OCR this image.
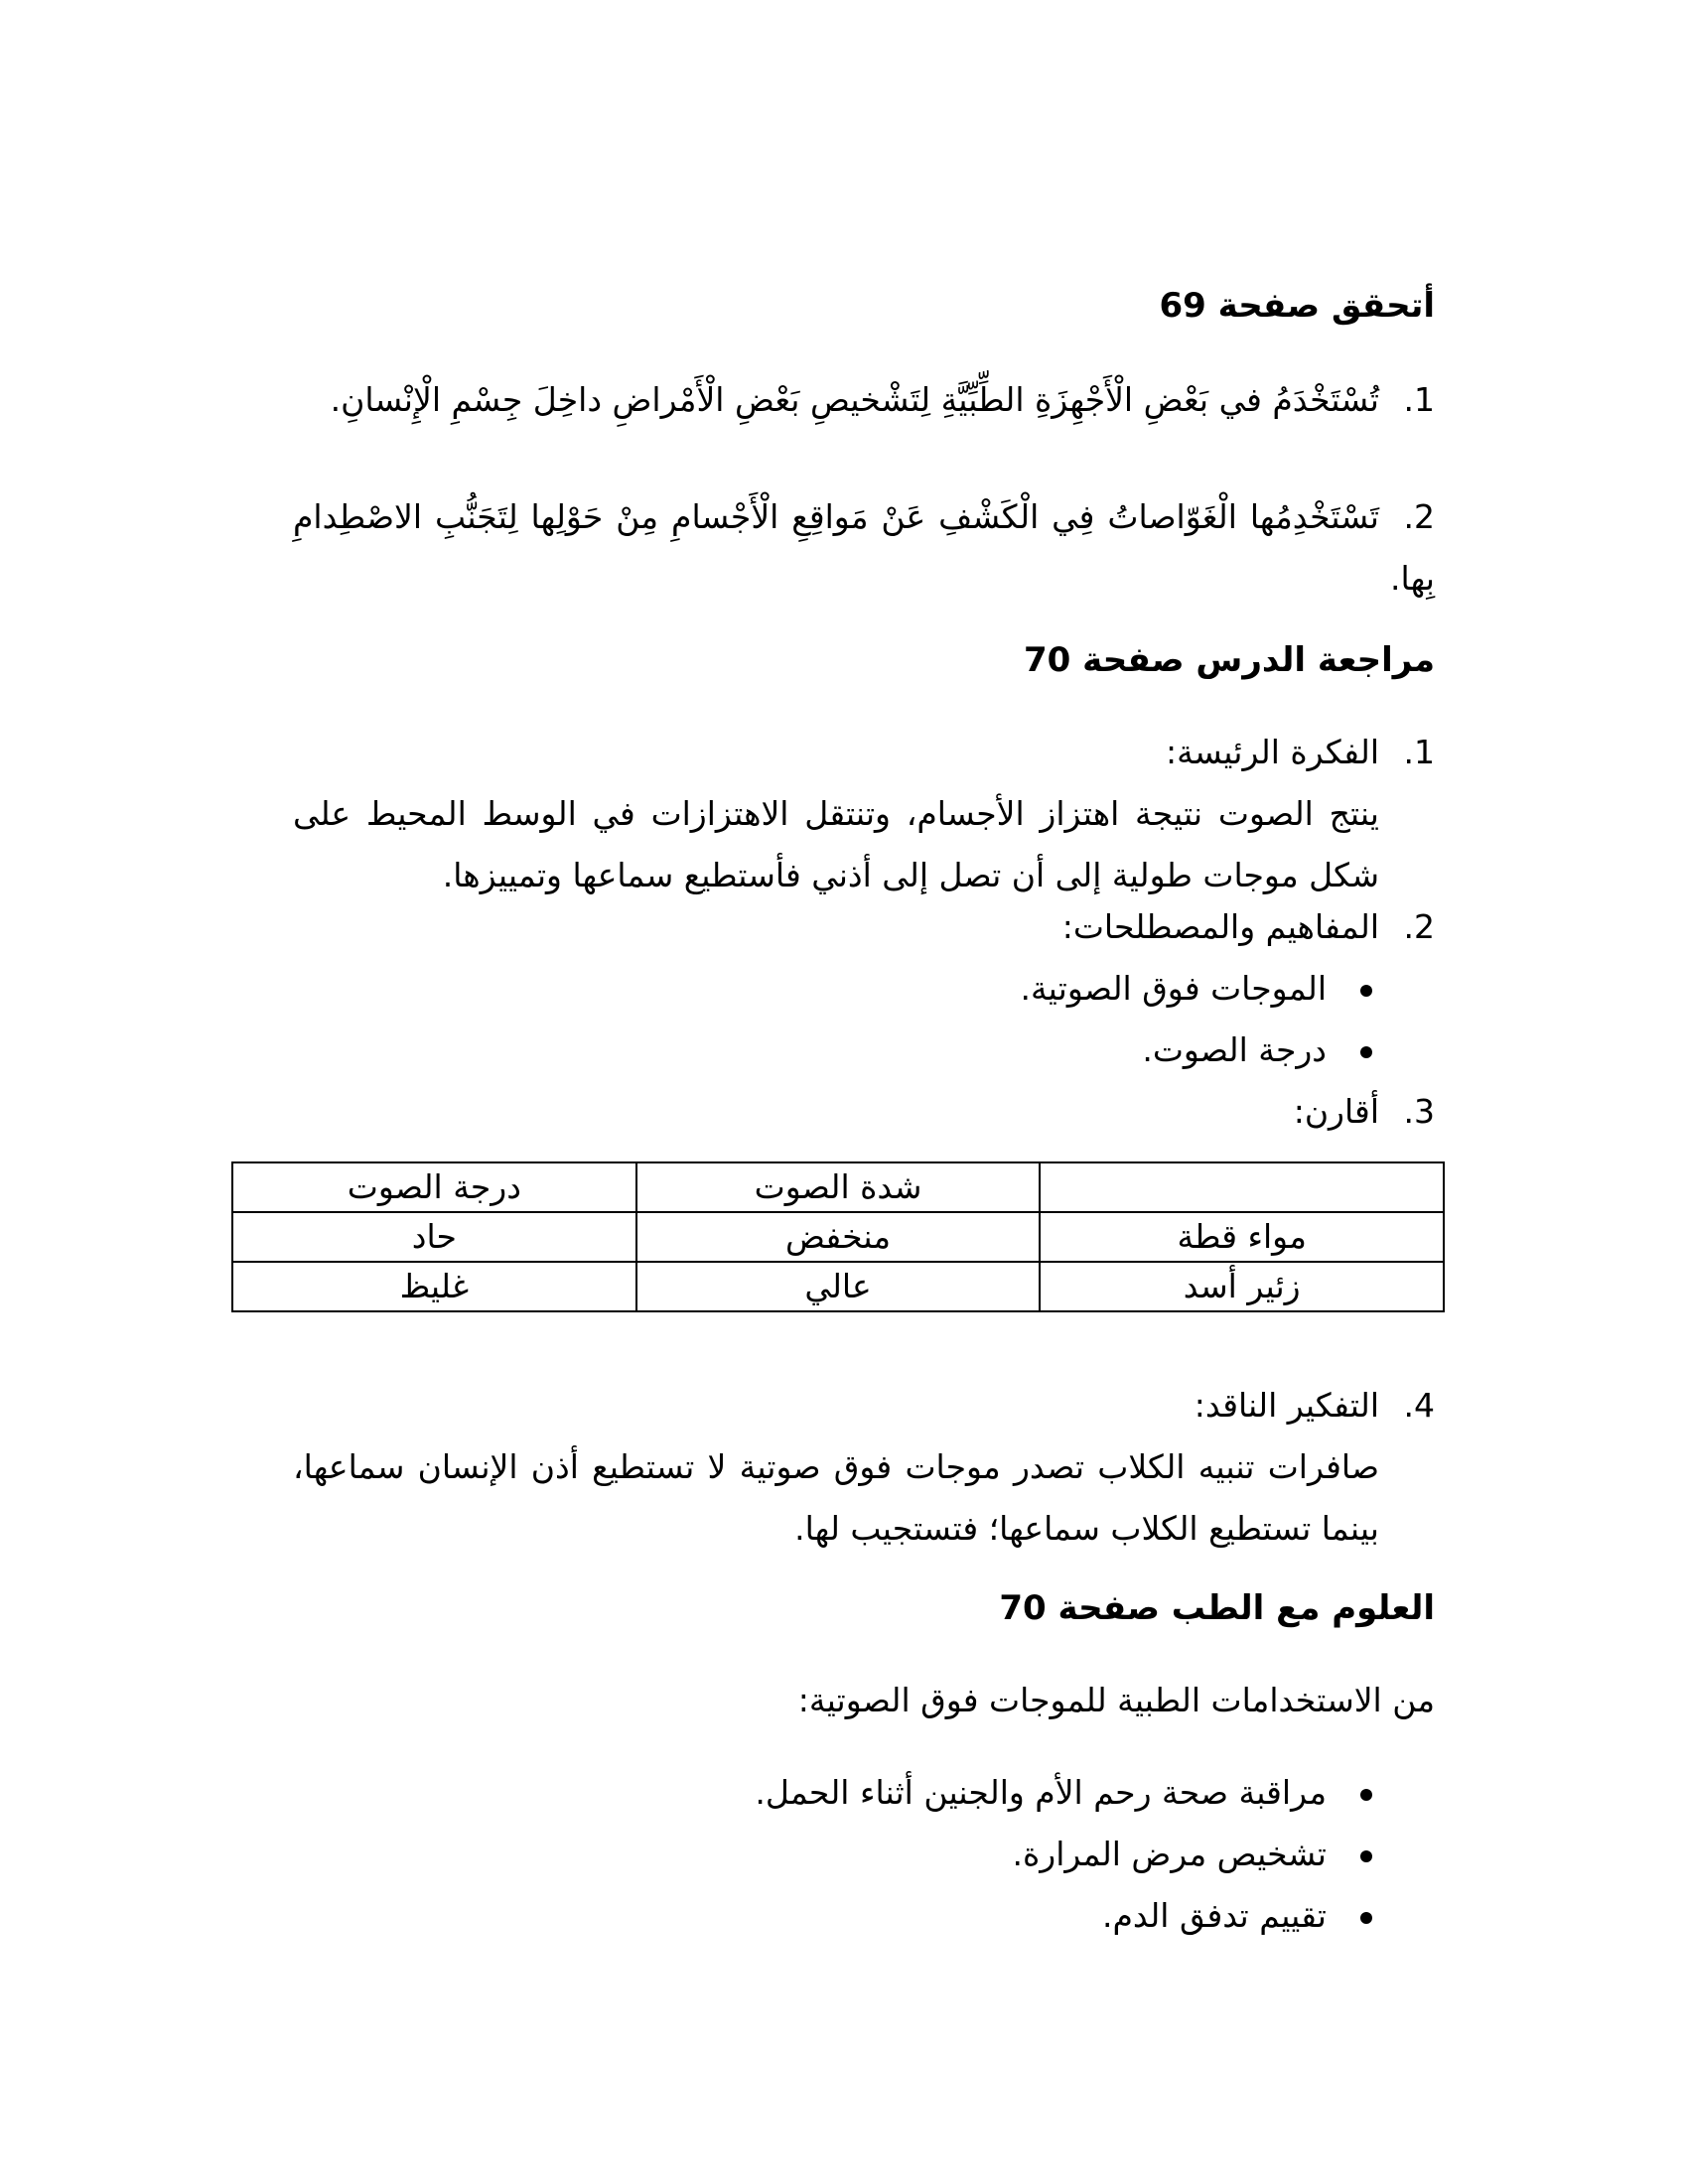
أتحقق صفحة 69
1.تُسْتَخْدَمُ في بَعْضِ الْأَجْهِزَةِ الطِّبِّيَّةِ لِتَشْخيصِ بَعْضِ الْأَمْراضِ داخِلَ جِسْمِ الْإِنْسانِ.
2.تَسْتَخْدِمُها الْغَوّاصاتُ فِي الْكَشْفِ عَنْ مَواقِعِ الْأَجْسامِ مِنْ حَوْلِها لِتَجَنُّبِ الاصْطِدامِ بِها.
مراجعة الدرس صفحة 70
1.الفكرة الرئيسة:
ينتج الصوت نتيجة اهتزاز الأجسام، وتنتقل الاهتزازات في الوسط المحيط على شكل موجات طولية إلى أن تصل إلى أذني فأستطيع سماعها وتمييزها.
2.المفاهيم والمصطلحات:
الموجات فوق الصوتية.
درجة الصوت.
3.أقارن:
	شدة الصوت	درجة الصوت
مواء قطة	منخفض	حاد
زئير أسد	عالي	غليظ
4.التفكير الناقد:
صافرات تنبيه الكلاب تصدر موجات فوق صوتية لا تستطيع أذن الإنسان سماعها، بينما تستطيع الكلاب سماعها؛ فتستجيب لها.
العلوم مع الطب صفحة 70
من الاستخدامات الطبية للموجات فوق الصوتية:
مراقبة صحة رحم الأم والجنين أثناء الحمل.
تشخيص مرض المرارة.
تقييم تدفق الدم.
